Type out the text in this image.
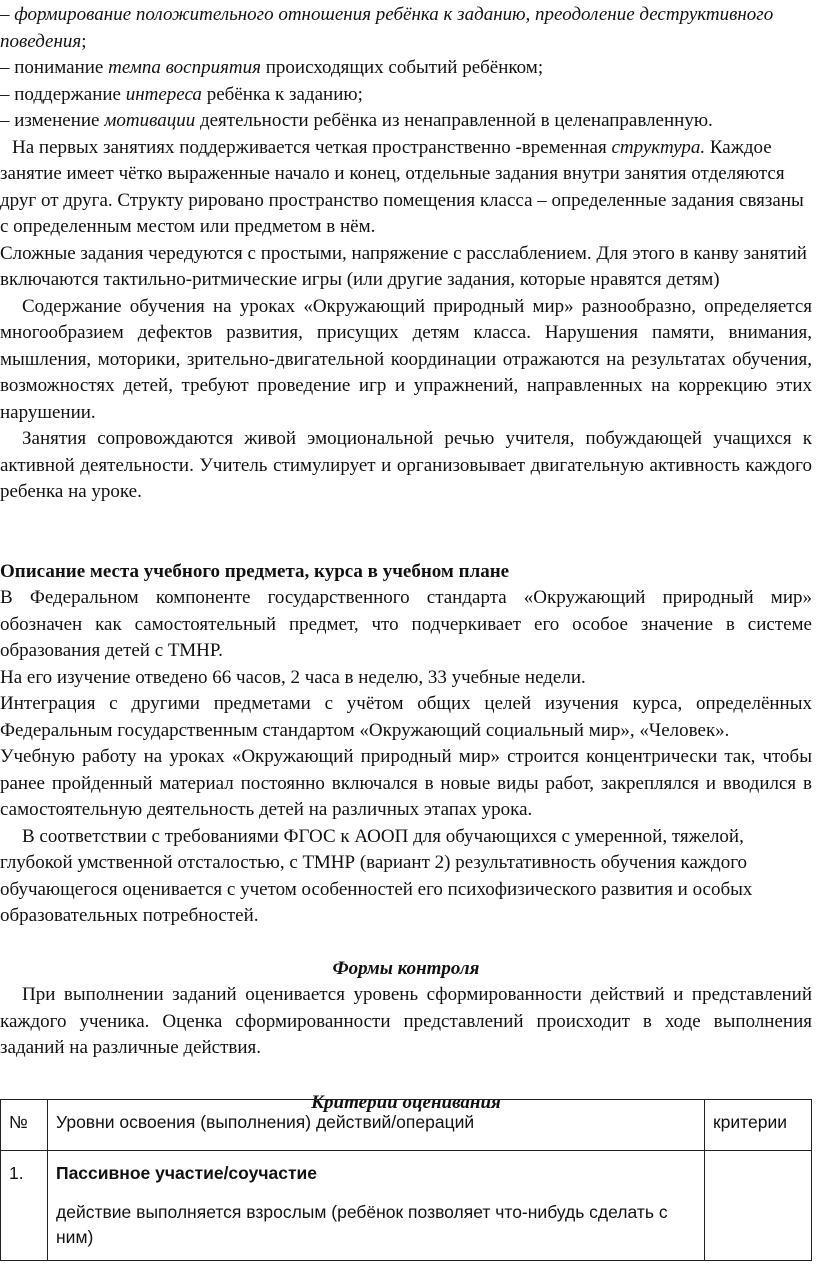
– формирование положительного отношения ребёнка к заданию, преодоление деструктивного поведения;

– понимание темпа восприятия происходящих событий ребёнком;

– поддержание интереса ребёнка к заданию;

– изменение мотивации деятельности ребёнка из ненаправленной в целенаправленную.

На первых занятиях поддерживается четкая пространственно -временная структура. Каждое занятие имеет чётко выраженные начало и конец, отдельные задания внутри занятия отделяются друг от друга. Структу рировано пространство помещения класса – определенные задания связаны с определенным местом или предметом в нём.

Сложные задания чередуются с простыми, напряжение с расслаблением. Для этого в канву занятий включаются тактильно-ритмические игры (или другие задания, которые нравятся детям)

Содержание обучения на уроках «Окружающий природный мир» разнообразно, определяется многообразием дефектов развития, присущих детям класса. Нарушения памяти, внимания, мышления, моторики, зрительно-двигательной координации отражаются на результатах обучения, возможностях детей, требуют проведение игр и упражнений, направленных на коррекцию этих нарушении.

Занятия сопровождаются живой эмоциональной речью учителя, побуждающей учащихся к активной деятельности. Учитель стимулирует и организовывает двигательную активность каждого ребенка на уроке.

Описание места учебного предмета, курса в учебном плане

В Федеральном компоненте государственного стандарта «Окружающий природный мир» обозначен как самостоятельный предмет, что подчеркивает его особое значение в системе образования детей с ТМНР.

На его изучение отведено 66 часов, 2 часа в неделю, 33 учебные недели.

Интеграция с другими предметами с учётом общих целей изучения курса, определённых Федеральным государственным стандартом «Окружающий социальный мир», «Человек».

Учебную работу на уроках «Окружающий природный мир» строится концентрически так, чтобы ранее пройденный материал постоянно включался в новые виды работ, закреплялся и вводился в самостоятельную деятельность детей на различных этапах урока.

В соответствии с требованиями ФГОС к АООП для обучающихся с умеренной, тяжелой, глубокой умственной отсталостью, с ТМНР (вариант 2) результативность обучения каждого обучающегося оценивается с учетом особенностей его психофизического развития и особых образовательных потребностей.

Формы контроля

При выполнении заданий оценивается уровень сформированности действий и представлений каждого ученика. Оценка сформированности представлений происходит в ходе выполнения заданий на различные действия.

Критерии оценивания

№	Уровни освоения (выполнения) действий/операций	критерии
1.	Пассивное участие/соучастие
действие выполняется взрослым (ребёнок позволяет что-нибудь сделать с ним)	
